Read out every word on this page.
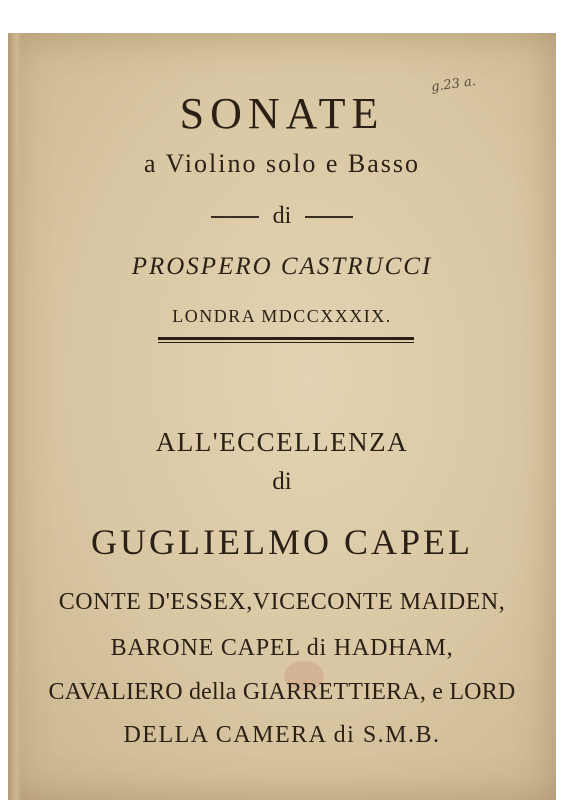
g.23 a.
SONATE
a Violino solo e Basso
di
PROSPERO CASTRUCCI
LONDRA MDCCXXXIX.
ALL'ECCELLENZA
di
GUGLIELMO CAPEL
CONTE D'ESSEX,VICECONTE MAIDEN,
BARONE CAPEL di HADHAM,
CAVALIERO della GIARRETTIERA, e LORD
DELLA CAMERA di S.M.B.
